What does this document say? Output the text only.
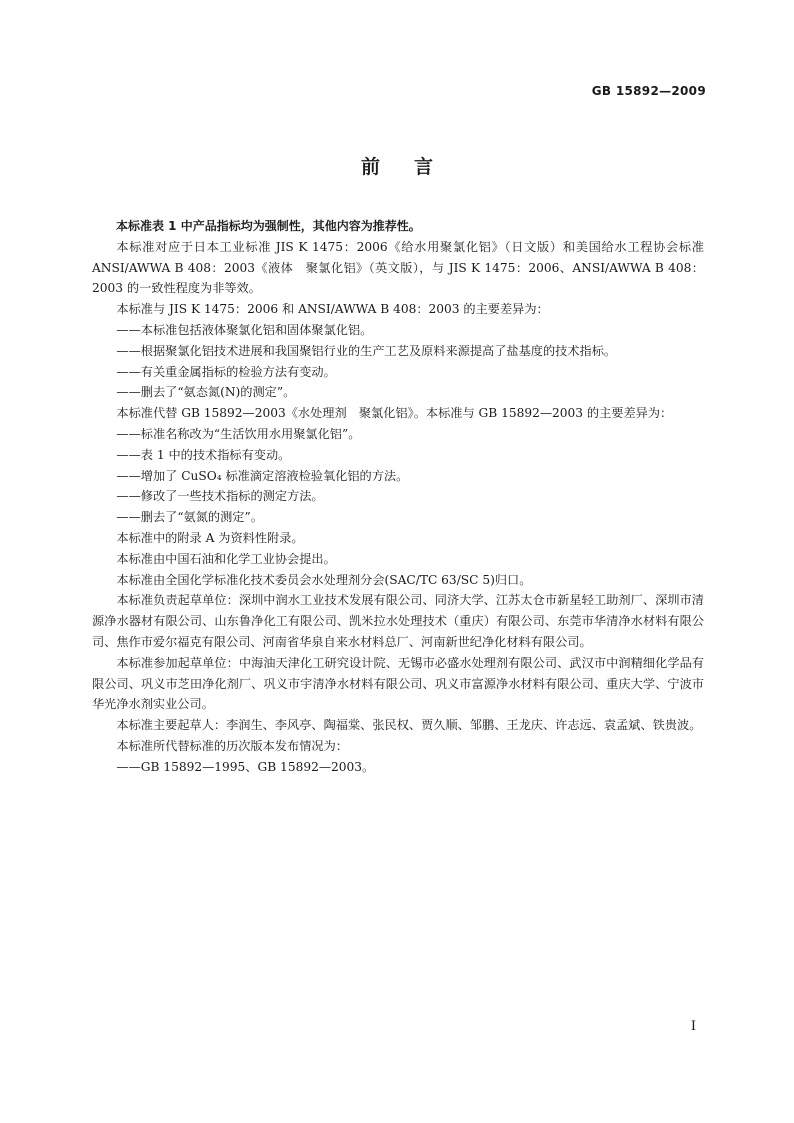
GB 15892—2009
前言

本标准表 1 中产品指标均为强制性，其他内容为推荐性。

本标准对应于日本工业标准 JIS K 1475：2006《给水用聚氯化铝》（日文版）和美国给水工程协会标准 ANSI/AWWA B 408：2003《液体　聚氯化铝》（英文版），与 JIS K 1475：2006、ANSI/AWWA B 408：2003 的一致性程度为非等效。

本标准与 JIS K 1475：2006 和 ANSI/AWWA B 408：2003 的主要差异为：

——本标准包括液体聚氯化铝和固体聚氯化铝。

——根据聚氯化铝技术进展和我国聚铝行业的生产工艺及原料来源提高了盐基度的技术指标。

——有关重金属指标的检验方法有变动。

——删去了“氨态氮(N)的测定”。

本标准代替 GB 15892—2003《水处理剂　聚氯化铝》。本标准与 GB 15892—2003 的主要差异为：

——标准名称改为“生活饮用水用聚氯化铝”。

——表 1 中的技术指标有变动。

——增加了 CuSO₄ 标准滴定溶液检验氧化铝的方法。

——修改了一些技术指标的测定方法。

——删去了“氨氮的测定”。

本标准中的附录 A 为资料性附录。

本标准由中国石油和化学工业协会提出。

本标准由全国化学标准化技术委员会水处理剂分会(SAC/TC 63/SC 5)归口。

本标准负责起草单位：深圳中润水工业技术发展有限公司、同济大学、江苏太仓市新星轻工助剂厂、深圳市清源净水器材有限公司、山东鲁净化工有限公司、凯米拉水处理技术（重庆）有限公司、东莞市华清净水材料有限公司、焦作市爱尔福克有限公司、河南省华泉自来水材料总厂、河南新世纪净化材料有限公司。

本标准参加起草单位：中海油天津化工研究设计院、无锡市必盛水处理剂有限公司、武汉市中润精细化学品有限公司、巩义市芝田净化剂厂、巩义市宇清净水材料有限公司、巩义市富源净水材料有限公司、重庆大学、宁波市华光净水剂实业公司。

本标准主要起草人：李润生、李风亭、陶福棠、张民权、贾久顺、邹鹏、王龙庆、许志远、袁孟斌、铁贵波。

本标准所代替标准的历次版本发布情况为：

——GB 15892—1995、GB 15892—2003。

I
